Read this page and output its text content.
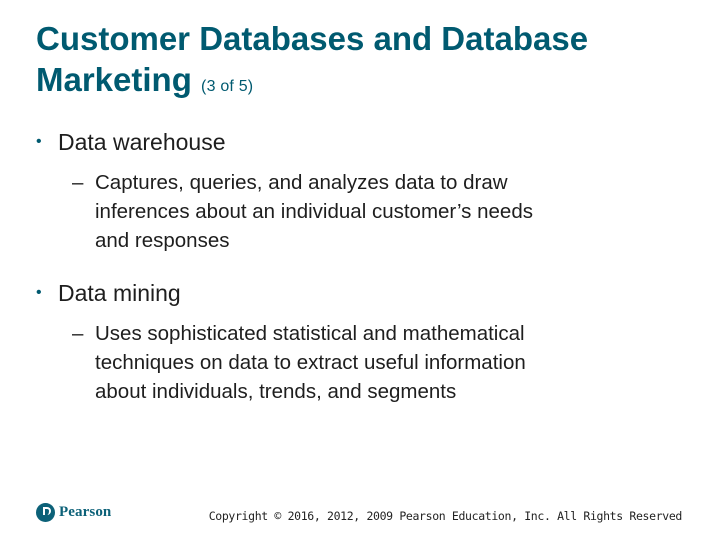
Customer Databases and Database
Marketing (3 of 5)
• Data warehouse
– Captures, queries, and analyzes data to draw
inferences about an individual customer’s needs
and responses
• Data mining
– Uses sophisticated statistical and mathematical
techniques on data to extract useful information
about individuals, trends, and segments
Pearson	Copyright © 2016, 2012, 2009 Pearson Education, Inc. All Rights Reserved
